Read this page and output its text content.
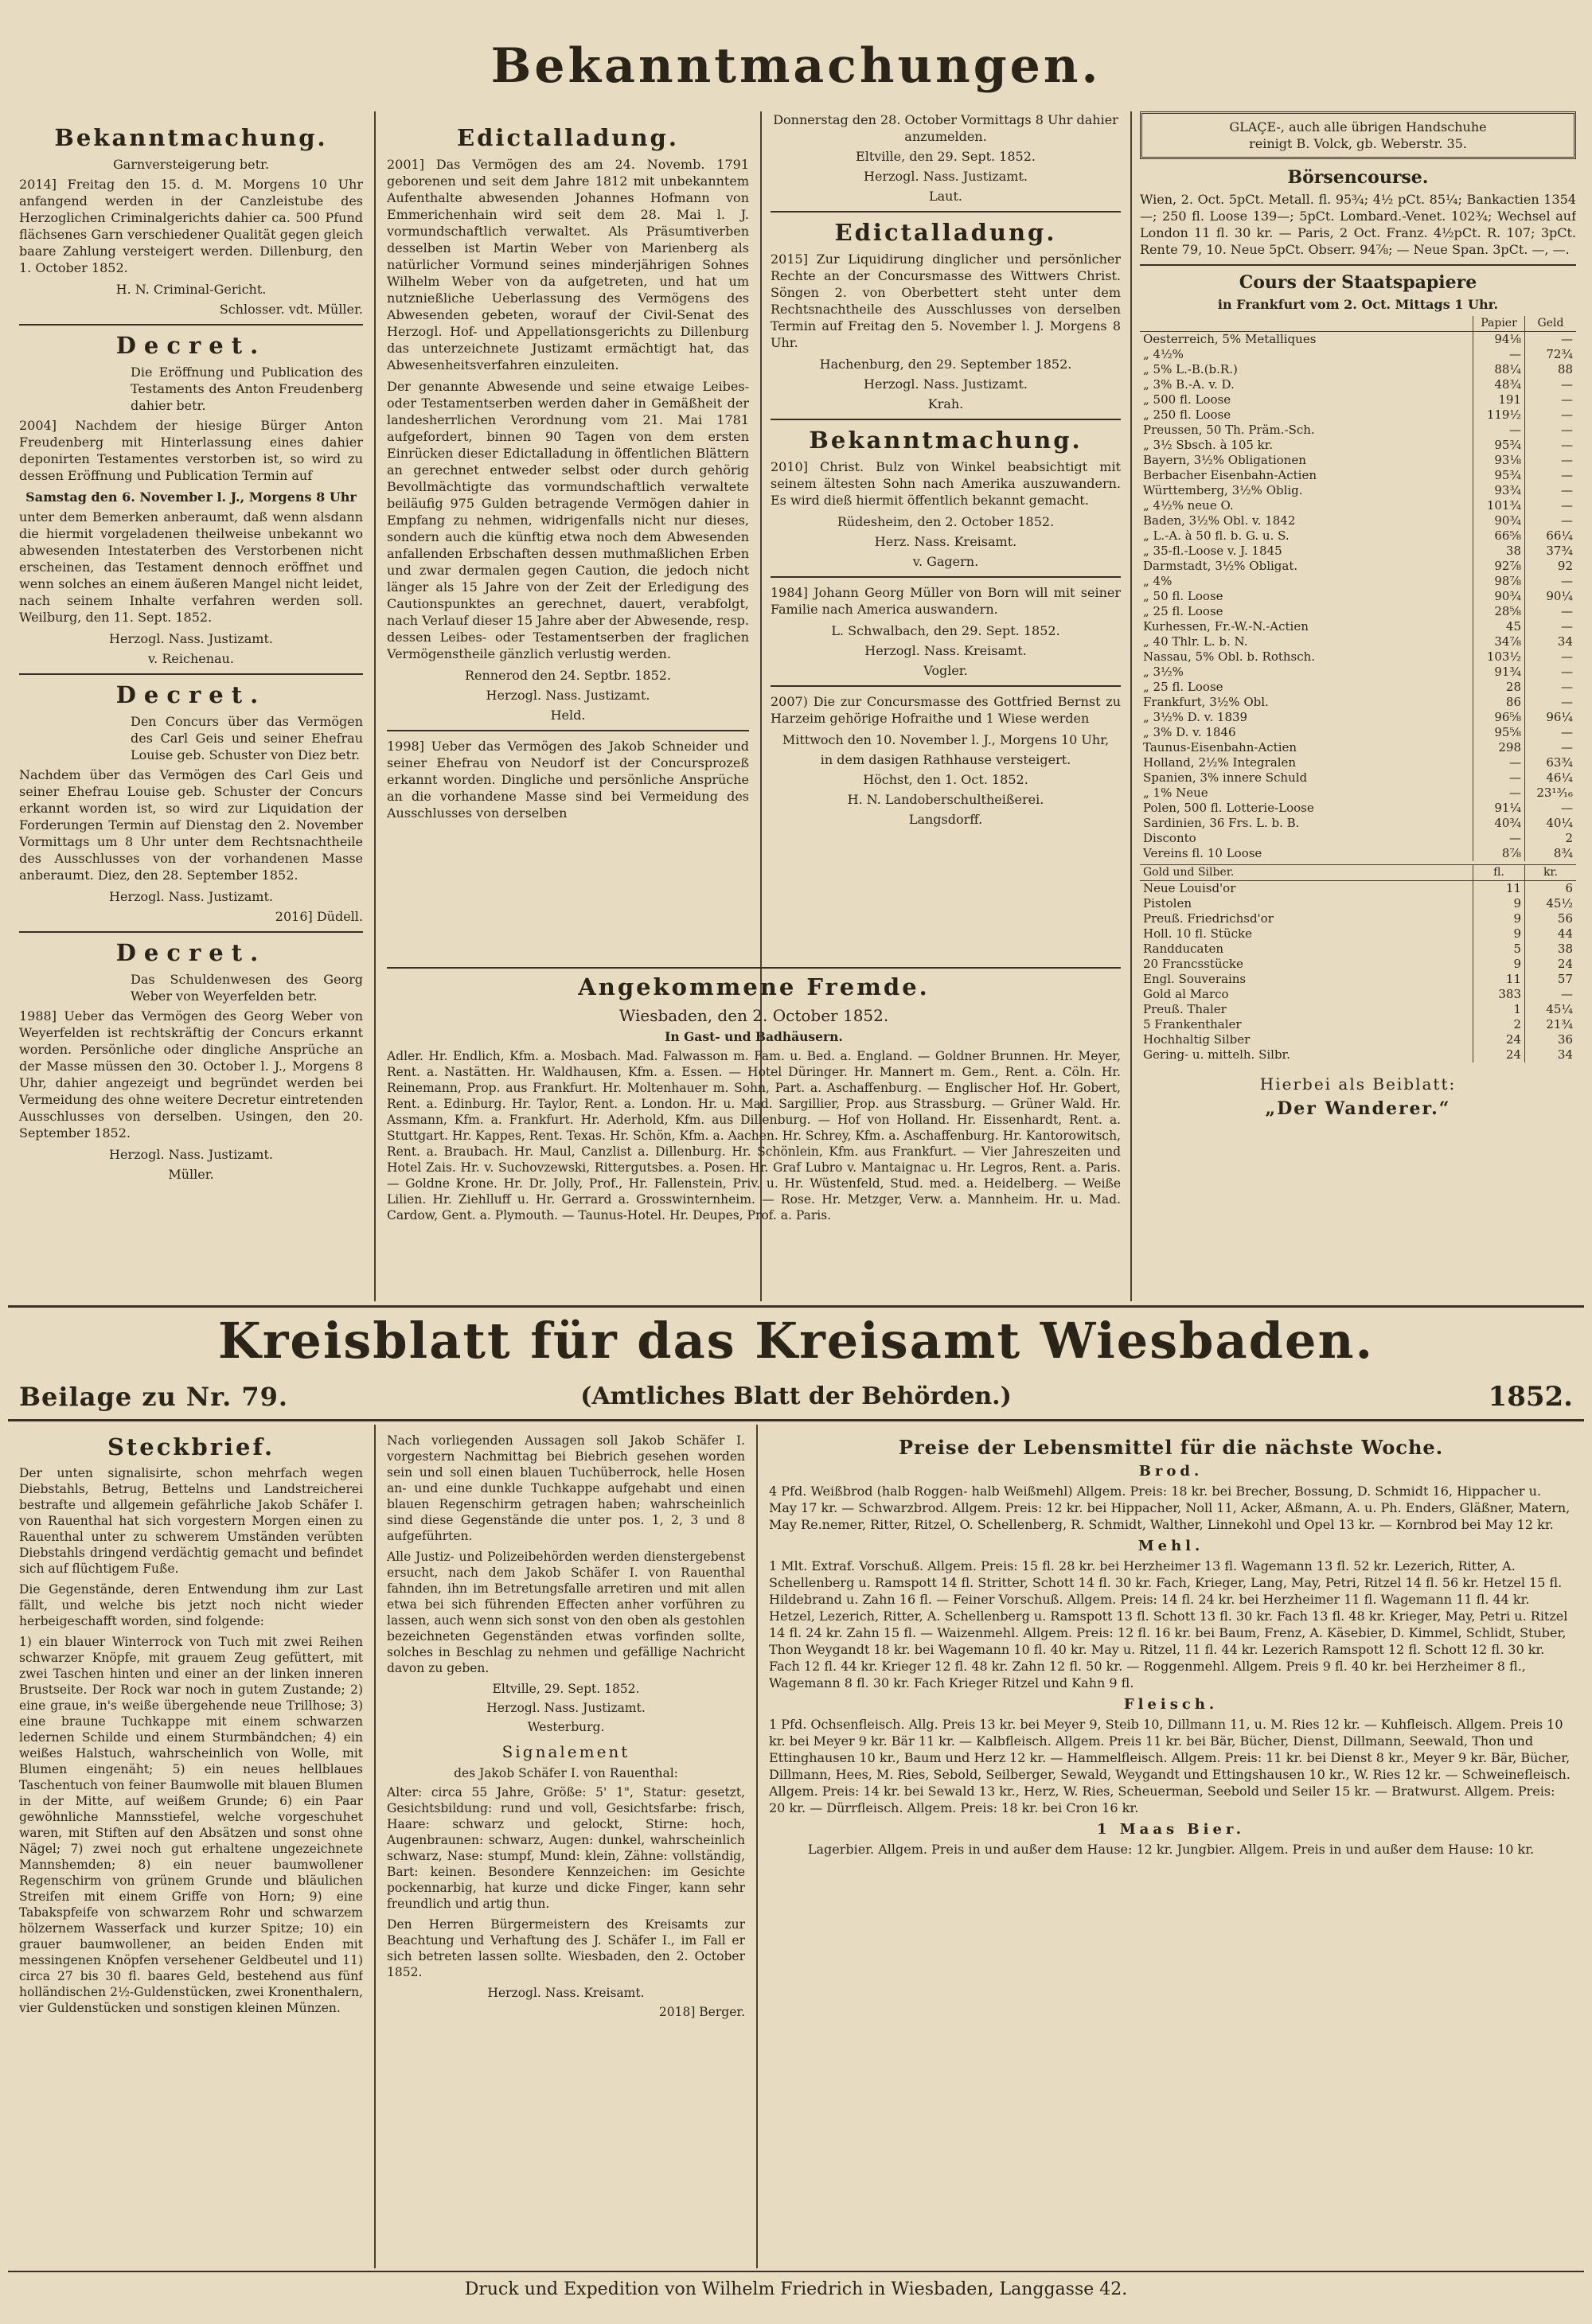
Bekanntmachungen.
Bekanntmachung.
Garnversteigerung betr.

2014] Freitag den 15. d. M. Morgens 10 Uhr anfangend werden in der Canzleistube des Herzoglichen Criminalgerichts dahier ca. 500 Pfund flächsenes Garn verschiedener Qualität gegen gleich baare Zahlung versteigert werden. Dillenburg, den 1. October 1852.

H. N. Criminal-Gericht.
Schlosser. vdt. Müller.
Decret.
Die Eröffnung und Publication des Testaments des Anton Freudenberg dahier betr.

2004] Nachdem der hiesige Bürger Anton Freudenberg mit Hinterlassung eines dahier deponirten Testamentes verstorben ist, so wird zu dessen Eröffnung und Publication Termin auf

Samstag den 6. November l. J., Morgens 8 Uhr

unter dem Bemerken anberaumt, daß wenn alsdann die hiermit vorgeladenen theilweise unbekannt wo abwesenden Intestaterben des Verstorbenen nicht erscheinen, das Testament dennoch eröffnet und wenn solches an einem äußeren Mangel nicht leidet, nach seinem Inhalte verfahren werden soll. Weilburg, den 11. Sept. 1852.

Herzogl. Nass. Justizamt.
v. Reichenau.
Decret.
Den Concurs über das Vermögen des Carl Geis und seiner Ehefrau Louise geb. Schuster von Diez betr.

Nachdem über das Vermögen des Carl Geis und seiner Ehefrau Louise geb. Schuster der Concurs erkannt worden ist, so wird zur Liquidation der Forderungen Termin auf Dienstag den 2. November Vormittags um 8 Uhr unter dem Rechtsnachtheile des Ausschlusses von der vorhandenen Masse anberaumt. Diez, den 28. September 1852.

Herzogl. Nass. Justizamt.
2016] Düdell.
Decret.
Das Schuldenwesen des Georg Weber von Weyerfelden betr.

1988] Ueber das Vermögen des Georg Weber von Weyerfelden ist rechtskräftig der Concurs erkannt worden. Persönliche oder dingliche Ansprüche an der Masse müssen den 30. October l. J., Morgens 8 Uhr, dahier angezeigt und begründet werden bei Vermeidung des ohne weitere Decretur eintretenden Ausschlusses von derselben. Usingen, den 20. September 1852.

Herzogl. Nass. Justizamt.
Müller.
Edictalladung.

2001] Das Vermögen des am 24. Novemb. 1791 geborenen und seit dem Jahre 1812 mit unbekanntem Aufenthalte abwesenden Johannes Hofmann von Emmerichenhain wird seit dem 28. Mai l. J. vormundschaftlich verwaltet. Als Präsumtiverben desselben ist Martin Weber von Marienberg als natürlicher Vormund seines minderjährigen Sohnes Wilhelm Weber von da aufgetreten, und hat um nutznießliche Ueberlassung des Vermögens des Abwesenden gebeten, worauf der Civil-Senat des Herzogl. Hof- und Appellationsgerichts zu Dillenburg das unterzeichnete Justizamt ermächtigt hat, das Abwesenheitsverfahren einzuleiten.

Der genannte Abwesende und seine etwaige Leibes- oder Testamentserben werden daher in Gemäßheit der landesherrlichen Verordnung vom 21. Mai 1781 aufgefordert, binnen 90 Tagen von dem ersten Einrücken dieser Edictalladung in öffentlichen Blättern an gerechnet entweder selbst oder durch gehörig Bevollmächtigte das vormundschaftlich verwaltete beiläufig 975 Gulden betragende Vermögen dahier in Empfang zu nehmen, widrigenfalls nicht nur dieses, sondern auch die künftig etwa noch dem Abwesenden anfallenden Erbschaften dessen muthmaßlichen Erben und zwar dermalen gegen Caution, die jedoch nicht länger als 15 Jahre von der Zeit der Erledigung des Cautionspunktes an gerechnet, dauert, verabfolgt, nach Verlauf dieser 15 Jahre aber der Abwesende, resp. dessen Leibes- oder Testamentserben der fraglichen Vermögenstheile gänzlich verlustig werden.

Rennerod den 24. Septbr. 1852.
Herzogl. Nass. Justizamt.
Held.

1998] Ueber das Vermögen des Jakob Schneider und seiner Ehefrau von Neudorf ist der Concursprozeß erkannt worden. Dingliche und persönliche Ansprüche an die vorhandene Masse sind bei Vermeidung des Ausschlusses von derselben

Donnerstag den 28. October Vormittags 8 Uhr dahier anzumelden.
Eltville, den 29. Sept. 1852.
Herzogl. Nass. Justizamt.
Laut.
Edictalladung.

2015] Zur Liquidirung dinglicher und persönlicher Rechte an der Concursmasse des Wittwers Christ. Söngen 2. von Oberbettert steht unter dem Rechtsnachtheile des Ausschlusses von derselben Termin auf Freitag den 5. November l. J. Morgens 8 Uhr.

Hachenburg, den 29. September 1852.
Herzogl. Nass. Justizamt.
Krah.
Bekanntmachung.

2010] Christ. Bulz von Winkel beabsichtigt mit seinem ältesten Sohn nach Amerika auszuwandern. Es wird dieß hiermit öffentlich bekannt gemacht.

Rüdesheim, den 2. October 1852.
Herz. Nass. Kreisamt.
v. Gagern.

1984] Johann Georg Müller von Born will mit seiner Familie nach America auswandern.

L. Schwalbach, den 29. Sept. 1852.
Herzogl. Nass. Kreisamt.
Vogler.

2007) Die zur Concursmasse des Gottfried Bernst zu Harzeim gehörige Hofraithe und 1 Wiese werden

Mittwoch den 10. November l. J., Morgens 10 Uhr,
in dem dasigen Rathhause versteigert.
Höchst, den 1. Oct. 1852.
H. N. Landoberschultheißerei.
Langsdorff.
Angekommene Fremde.
Wiesbaden, den 2. October 1852.
In Gast- und Badhäusern.

Adler. Hr. Endlich, Kfm. a. Mosbach. Mad. Falwasson m. Fam. u. Bed. a. England. — Goldner Brunnen. Hr. Meyer, Rent. a. Nastätten. Hr. Waldhausen, Kfm. a. Essen. — Hotel Düringer. Hr. Mannert m. Gem., Rent. a. Cöln. Hr. Reinemann, Prop. aus Frankfurt. Hr. Moltenhauer m. Sohn, Part. a. Aschaffenburg. — Englischer Hof. Hr. Gobert, Rent. a. Edinburg. Hr. Taylor, Rent. a. London. Hr. u. Mad. Sargillier, Prop. aus Strassburg. — Grüner Wald. Hr. Assmann, Kfm. a. Frankfurt. Hr. Aderhold, Kfm. aus Dillenburg. — Hof von Holland. Hr. Eissenhardt, Rent. a. Stuttgart. Hr. Kappes, Rent. Texas. Hr. Schön, Kfm. a. Aachen. Hr. Schrey, Kfm. a. Aschaffenburg. Hr. Kantorowitsch, Rent. a. Braubach. Hr. Maul, Canzlist a. Dillenburg. Hr. Schönlein, Kfm. aus Frankfurt. — Vier Jahreszeiten und Hotel Zais. Hr. v. Suchovzewski, Rittergutsbes. a. Posen. Hr. Graf Lubro v. Mantaignac u. Hr. Legros, Rent. a. Paris. — Goldne Krone. Hr. Dr. Jolly, Prof., Hr. Fallenstein, Priv. u. Hr. Wüstenfeld, Stud. med. a. Heidelberg. — Weiße Lilien. Hr. Ziehlluff u. Hr. Gerrard a. Grosswinternheim. — Rose. Hr. Metzger, Verw. a. Mannheim. Hr. u. Mad. Cardow, Gent. a. Plymouth. — Taunus-Hotel. Hr. Deupes, Prof. a. Paris.

GLAÇE-, auch alle übrigen Handschuhe
reinigt B. Volck, gb. Weberstr. 35.
Börsencourse.

Wien, 2. Oct. 5pCt. Metall. fl. 95¾; 4½ pCt. 85¼; Bankactien 1354—; 250 fl. Loose 139—; 5pCt. Lombard.-Venet. 102¾; Wechsel auf London 11 fl. 30 kr. — Paris, 2 Oct. Franz. 4½pCt. R. 107; 3pCt. Rente 79, 10. Neue 5pCt. Obserr. 94⅞; — Neue Span. 3pCt. —, —.

Cours der Staatspapiere
in Frankfurt vom 2. Oct. Mittags 1 Uhr.
	Papier	Geld
Oesterreich, 5% Metalliques	94⅛	—
„ 4½%	—	72¾
„ 5% L.-B.(b.R.)	88¼	88
„ 3% B.-A. v. D.	48¾	—
„ 500 fl. Loose	191	—
„ 250 fl. Loose	119½	—
Preussen, 50 Th. Präm.-Sch.	—	—
„ 3½ Sbsch. à 105 kr.	95¾	—
Bayern, 3½% Obligationen	93⅛	—
Berbacher Eisenbahn-Actien	95¾	—
Württemberg, 3½% Oblig.	93¾	—
„ 4½% neue O.	101¾	—
Baden, 3½% Obl. v. 1842	90¾	—
„ L.-A. à 50 fl. b. G. u. S.	66⅝	66¼
„ 35-fl.-Loose v. J. 1845	38	37¾
Darmstadt, 3½% Obligat.	92⅞	92
„ 4%	98⅞	—
„ 50 fl. Loose	90¾	90¼
„ 25 fl. Loose	28⅝	—
Kurhessen, Fr.-W.-N.-Actien	45	—
„ 40 Thlr. L. b. N.	34⅞	34
Nassau, 5% Obl. b. Rothsch.	103½	—
„ 3½%	91¾	—
„ 25 fl. Loose	28	—
Frankfurt, 3½% Obl.	86	—
„ 3½% D. v. 1839	96⅝	96¼
„ 3% D. v. 1846	95⅝	—
Taunus-Eisenbahn-Actien	298	—
Holland, 2½% Integralen	—	63¾
Spanien, 3% innere Schuld	—	46¼
„ 1% Neue	—	23¹³⁄₁₆
Polen, 500 fl. Lotterie-Loose	91¼	—
Sardinien, 36 Frs. L. b. B.	40¾	40¼
Disconto	—	2
Vereins fl. 10 Loose	8⅞	8¾
Gold und Silber.	fl.	kr.
Neue Louisd'or	11	6
Pistolen	9	45½
Preuß. Friedrichsd'or	9	56
Holl. 10 fl. Stücke	9	44
Randducaten	5	38
20 Francsstücke	9	24
Engl. Souverains	11	57
Gold al Marco	383	—
Preuß. Thaler	1	45¼
5 Frankenthaler	2	21¾
Hochhaltig Silber	24	36
Gering- u. mittelh. Silbr.	24	34
Hierbei als Beiblatt:
„Der Wanderer.“
Kreisblatt für das Kreisamt Wiesbaden.
Beilage zu Nr. 79.	(Amtliches Blatt der Behörden.)	1852.
Steckbrief.

Der unten signalisirte, schon mehrfach wegen Diebstahls, Betrug, Bettelns und Landstreicherei bestrafte und allgemein gefährliche Jakob Schäfer I. von Rauenthal hat sich vorgestern Morgen einen zu Rauenthal unter zu schwerem Umständen verübten Diebstahls dringend verdächtig gemacht und befindet sich auf flüchtigem Fuße.

Die Gegenstände, deren Entwendung ihm zur Last fällt, und welche bis jetzt noch nicht wieder herbeigeschafft worden, sind folgende:

1) ein blauer Winterrock von Tuch mit zwei Reihen schwarzer Knöpfe, mit grauem Zeug gefüttert, mit zwei Taschen hinten und einer an der linken inneren Brustseite. Der Rock war noch in gutem Zustande; 2) eine graue, in's weiße übergehende neue Trillhose; 3) eine braune Tuchkappe mit einem schwarzen ledernen Schilde und einem Sturmbändchen; 4) ein weißes Halstuch, wahrscheinlich von Wolle, mit Blumen eingenäht; 5) ein neues hellblaues Taschentuch von feiner Baumwolle mit blauen Blumen in der Mitte, auf weißem Grunde; 6) ein Paar gewöhnliche Mannsstiefel, welche vorgeschuhet waren, mit Stiften auf den Absätzen und sonst ohne Nägel; 7) zwei noch gut erhaltene ungezeichnete Mannshemden; 8) ein neuer baumwollener Regenschirm von grünem Grunde und bläulichen Streifen mit einem Griffe von Horn; 9) eine Tabakspfeife von schwarzem Rohr und schwarzem hölzernem Wasserfack und kurzer Spitze; 10) ein grauer baumwollener, an beiden Enden mit messingenen Knöpfen versehener Geldbeutel und 11) circa 27 bis 30 fl. baares Geld, bestehend aus fünf holländischen 2½-Guldenstücken, zwei Kronenthalern, vier Guldenstücken und sonstigen kleinen Münzen.

Nach vorliegenden Aussagen soll Jakob Schäfer I. vorgestern Nachmittag bei Biebrich gesehen worden sein und soll einen blauen Tuchüberrock, helle Hosen an- und eine dunkle Tuchkappe aufgehabt und einen blauen Regenschirm getragen haben; wahrscheinlich sind diese Gegenstände die unter pos. 1, 2, 3 und 8 aufgeführten.

Alle Justiz- und Polizeibehörden werden dienstergebenst ersucht, nach dem Jakob Schäfer I. von Rauenthal fahnden, ihn im Betretungsfalle arretiren und mit allen etwa bei sich führenden Effecten anher vorführen zu lassen, auch wenn sich sonst von den oben als gestohlen bezeichneten Gegenständen etwas vorfinden sollte, solches in Beschlag zu nehmen und gefällige Nachricht davon zu geben.

Eltville, 29. Sept. 1852.
Herzogl. Nass. Justizamt.
Westerburg.
Signalement
des Jakob Schäfer I. von Rauenthal:

Alter: circa 55 Jahre, Größe: 5' 1", Statur: gesetzt, Gesichtsbildung: rund und voll, Gesichtsfarbe: frisch, Haare: schwarz und gelockt, Stirne: hoch, Augenbraunen: schwarz, Augen: dunkel, wahrscheinlich schwarz, Nase: stumpf, Mund: klein, Zähne: vollständig, Bart: keinen. Besondere Kennzeichen: im Gesichte pockennarbig, hat kurze und dicke Finger, kann sehr freundlich und artig thun.

Den Herren Bürgermeistern des Kreisamts zur Beachtung und Verhaftung des J. Schäfer I., im Fall er sich betreten lassen sollte. Wiesbaden, den 2. October 1852.

Herzogl. Nass. Kreisamt.
2018] Berger.
Preise der Lebensmittel für die nächste Woche.
Brod.

4 Pfd. Weißbrod (halb Roggen- halb Weißmehl) Allgem. Preis: 18 kr. bei Brecher, Bossung, D. Schmidt 16, Hippacher u. May 17 kr. — Schwarzbrod. Allgem. Preis: 12 kr. bei Hippacher, Noll 11, Acker, Aßmann, A. u. Ph. Enders, Gläßner, Matern, May Re.nemer, Ritter, Ritzel, O. Schellenberg, R. Schmidt, Walther, Linnekohl und Opel 13 kr. — Kornbrod bei May 12 kr.

Mehl.

1 Mlt. Extraf. Vorschuß. Allgem. Preis: 15 fl. 28 kr. bei Herzheimer 13 fl. Wagemann 13 fl. 52 kr. Lezerich, Ritter, A. Schellenberg u. Ramspott 14 fl. Stritter, Schott 14 fl. 30 kr. Fach, Krieger, Lang, May, Petri, Ritzel 14 fl. 56 kr. Hetzel 15 fl. Hildebrand u. Zahn 16 fl. — Feiner Vorschuß. Allgem. Preis: 14 fl. 24 kr. bei Herzheimer 11 fl. Wagemann 11 fl. 44 kr. Hetzel, Lezerich, Ritter, A. Schellenberg u. Ramspott 13 fl. Schott 13 fl. 30 kr. Fach 13 fl. 48 kr. Krieger, May, Petri u. Ritzel 14 fl. 24 kr. Zahn 15 fl. — Waizenmehl. Allgem. Preis: 12 fl. 16 kr. bei Baum, Frenz, A. Käsebier, D. Kimmel, Schlidt, Stuber, Thon Weygandt 18 kr. bei Wagemann 10 fl. 40 kr. May u. Ritzel, 11 fl. 44 kr. Lezerich Ramspott 12 fl. Schott 12 fl. 30 kr. Fach 12 fl. 44 kr. Krieger 12 fl. 48 kr. Zahn 12 fl. 50 kr. — Roggenmehl. Allgem. Preis 9 fl. 40 kr. bei Herzheimer 8 fl., Wagemann 8 fl. 30 kr. Fach Krieger Ritzel und Kahn 9 fl.

Fleisch.

1 Pfd. Ochsenfleisch. Allg. Preis 13 kr. bei Meyer 9, Steib 10, Dillmann 11, u. M. Ries 12 kr. — Kuhfleisch. Allgem. Preis 10 kr. bei Meyer 9 kr. Bär 11 kr. — Kalbfleisch. Allgem. Preis 11 kr. bei Bär, Bücher, Dienst, Dillmann, Seewald, Thon und Ettinghausen 10 kr., Baum und Herz 12 kr. — Hammelfleisch. Allgem. Preis: 11 kr. bei Dienst 8 kr., Meyer 9 kr. Bär, Bücher, Dillmann, Hees, M. Ries, Sebold, Seilberger, Sewald, Weygandt und Ettingshausen 10 kr., W. Ries 12 kr. — Schweinefleisch. Allgem. Preis: 14 kr. bei Sewald 13 kr., Herz, W. Ries, Scheuerman, Seebold und Seiler 15 kr. — Bratwurst. Allgem. Preis: 20 kr. — Dürrfleisch. Allgem. Preis: 18 kr. bei Cron 16 kr.

1 Maas Bier.
Lagerbier. Allgem. Preis in und außer dem Hause: 12 kr. Jungbier. Allgem. Preis in und außer dem Hause: 10 kr.
Druck und Expedition von Wilhelm Friedrich in Wiesbaden, Langgasse 42.
